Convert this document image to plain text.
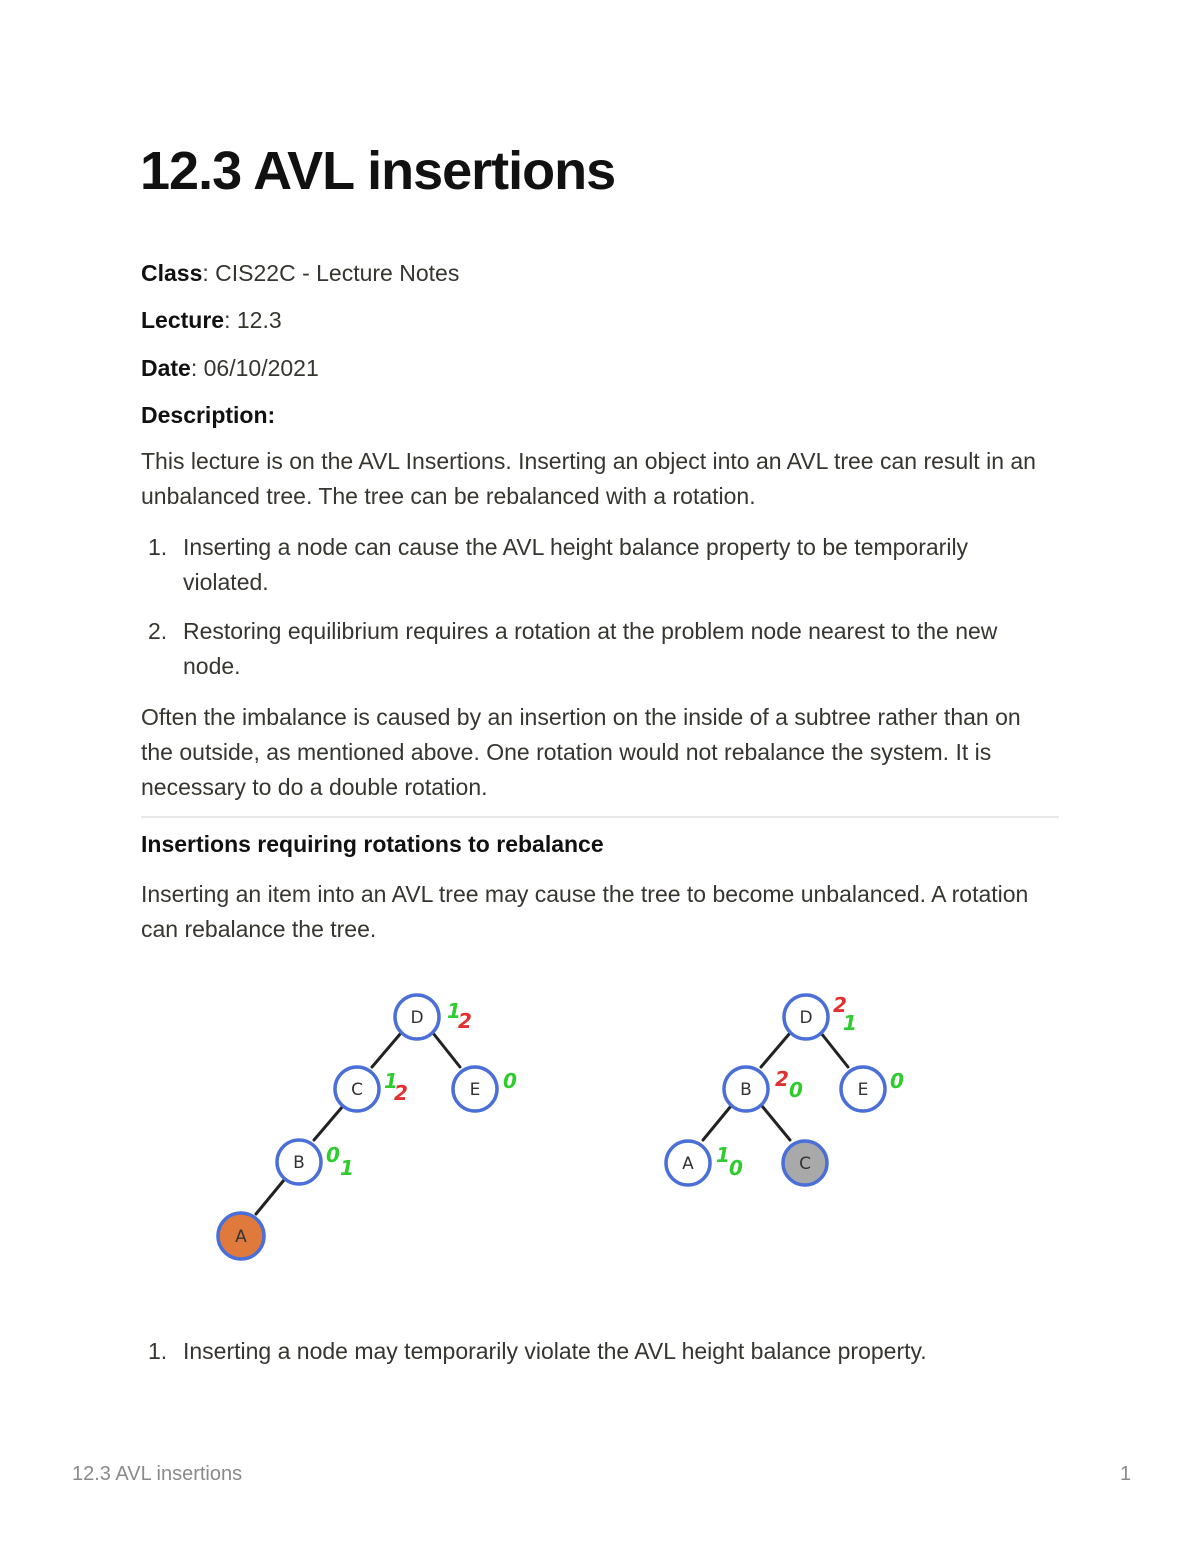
12.3 AVL insertions

Class: CIS22C - Lecture Notes

Lecture: 12.3

Date: 06/10/2021

Description:

This lecture is on the AVL Insertions. Inserting an object into an AVL tree can result in an unbalanced tree. The tree can be rebalanced with a rotation.

1. Inserting a node can cause the AVL height balance property to be temporarily violated.
2. Restoring equilibrium requires a rotation at the problem node nearest to the new node.

Often the imbalance is caused by an insertion on the inside of a subtree rather than on the outside, as mentioned above. One rotation would not rebalance the system. It is necessary to do a double rotation.

Insertions requiring rotations to rebalance

Inserting an item into an AVL tree may cause the tree to become unbalanced. A rotation can rebalance the tree.

D
C	E
B
A
1
2
1
2	0
0
1
D
B	E
A	C
2
1
2 0	0
1
0
1. Inserting a node may temporarily violate the AVL height balance property.
12.3 AVL insertions	1
